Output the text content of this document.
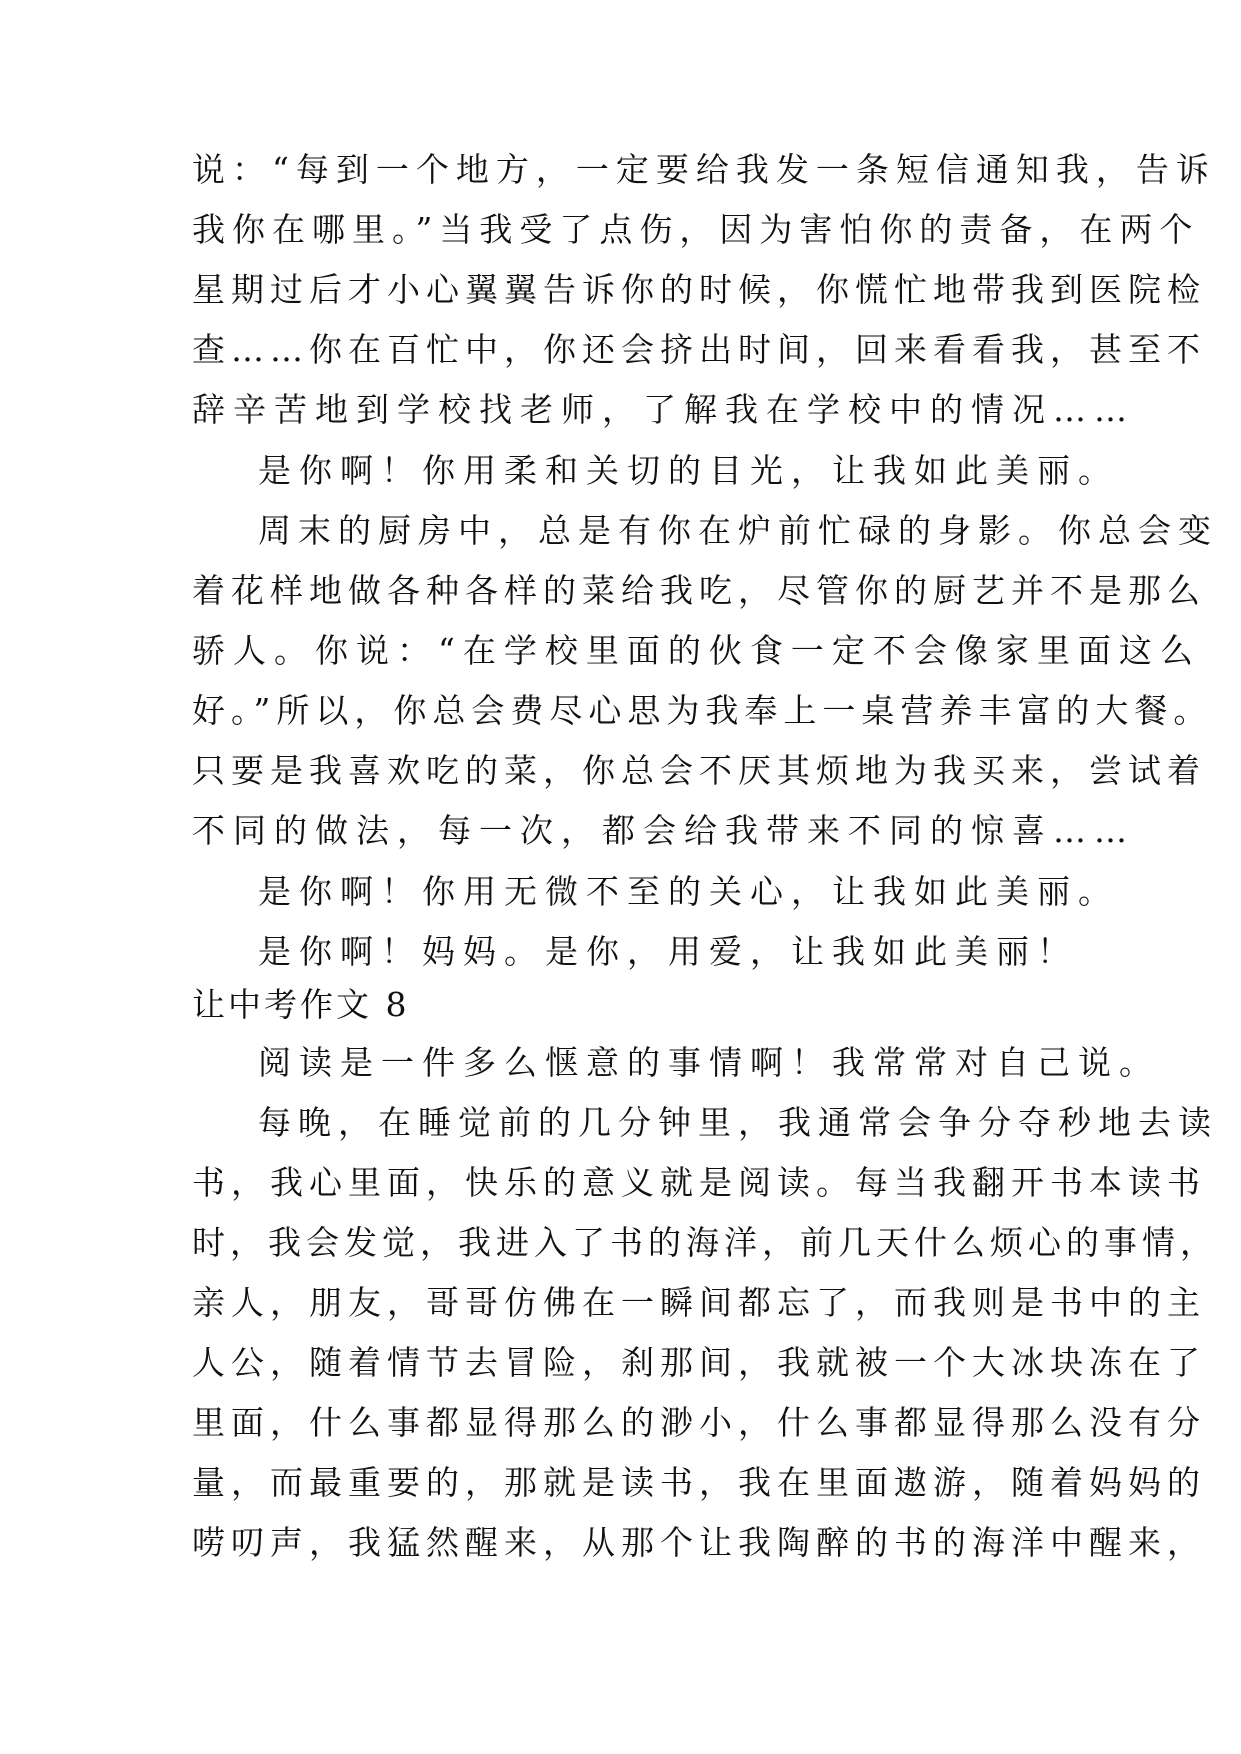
说：“每到一个地方，一定要给我发一条短信通知我，告诉
我你在哪里。”当我受了点伤，因为害怕你的责备，在两个
星期过后才小心翼翼告诉你的时候，你慌忙地带我到医院检
查……你在百忙中，你还会挤出时间，回来看看我，甚至不
辞辛苦地到学校找老师，了解我在学校中的情况……
是你啊！你用柔和关切的目光，让我如此美丽。
周末的厨房中，总是有你在炉前忙碌的身影。你总会变
着花样地做各种各样的菜给我吃，尽管你的厨艺并不是那么
骄人。你说：“在学校里面的伙食一定不会像家里面这么
好。”所以，你总会费尽心思为我奉上一桌营养丰富的大餐。
只要是我喜欢吃的菜，你总会不厌其烦地为我买来，尝试着
不同的做法，每一次，都会给我带来不同的惊喜……
是你啊！你用无微不至的关心，让我如此美丽。
是你啊！妈妈。是你，用爱，让我如此美丽！
让中考作文 8
阅读是一件多么惬意的事情啊！我常常对自己说。
每晚，在睡觉前的几分钟里，我通常会争分夺秒地去读
书，我心里面，快乐的意义就是阅读。每当我翻开书本读书
时，我会发觉，我进入了书的海洋，前几天什么烦心的事情，
亲人，朋友，哥哥仿佛在一瞬间都忘了，而我则是书中的主
人公，随着情节去冒险，刹那间，我就被一个大冰块冻在了
里面，什么事都显得那么的渺小，什么事都显得那么没有分
量，而最重要的，那就是读书，我在里面遨游，随着妈妈的
唠叨声，我猛然醒来，从那个让我陶醉的书的海洋中醒来，
